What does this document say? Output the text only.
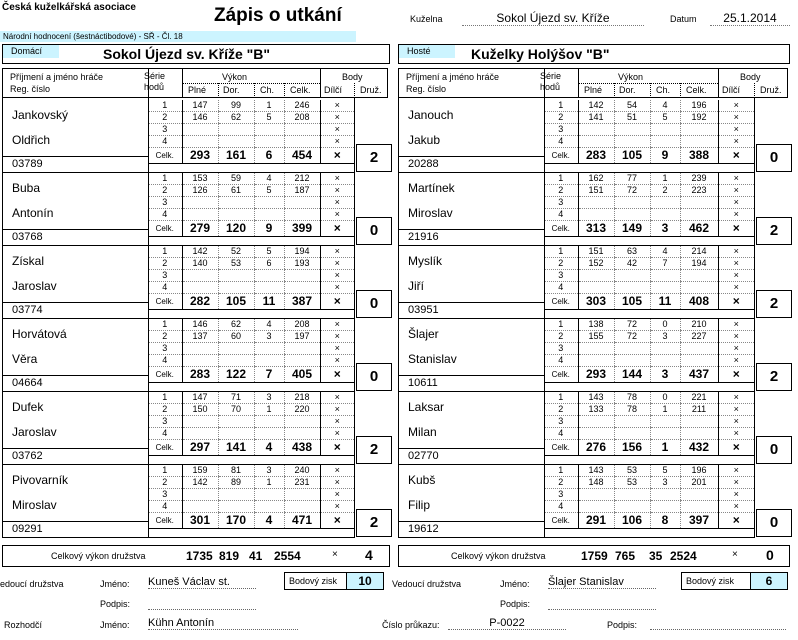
Česká kuželkářská asociace
Národní hodnocení (šestnáctibodové) - SŘ - Čl. 18
Zápis o utkání	Kuželna	Sokol Újezd sv. Kříže	Datum	25.1.2014
Domácí	Sokol Újezd sv. Kříže "B"	Hosté	Kuželky Holýšov "B"
Příjmení a jméno hráče
Reg. číslo
Série
hodů
Výkon
Plné Dor. Ch. Celk.
Body
Dílčí Druž.
Jankovský
Oldřich
03789
1	147	99	1	246	×
2	146	62	5	208	×
3					×
4					×
Celk.	293	161	6	454	×	2
Buba
Antonín
03768
1	153	59	4	212	×
2	126	61	5	187	×
3					×
4					×
Celk.	279	120	9	399	×	0
Získal
Jaroslav
03774
1	142	52	5	194	×
2	140	53	6	193	×
3					×
4					×
Celk.	282	105	11	387	×	0
Horvátová
Věra
04664
1	146	62	4	208	×
2	137	60	3	197	×
3					×
4					×
Celk.	283	122	7	405	×	0
Dufek
Jaroslav
03762
1	147	71	3	218	×
2	150	70	1	220	×
3					×
4					×
Celk.	297	141	4	438	×	2
Pivovarník
Miroslav
09291
1	159	81	3	240	×
2	142	89	1	231	×
3					×
4					×
Celk.	301	170	4	471	×	2
Příjmení a jméno hráče
Reg. číslo
Série
hodů
Výkon
Plné Dor. Ch. Celk.
Body
Dílčí Druž.
Janouch
Jakub
20288
1	142	54	4	196	×
2	141	51	5	192	×
3					×
4					×
Celk.	283	105	9	388	×	0
Martínek
Miroslav
21916
1	162	77	1	239	×
2	151	72	2	223	×
3					×
4					×
Celk.	313	149	3	462	×	2
Myslík
Jiří
03951
1	151	63	4	214	×
2	152	42	7	194	×
3					×
4					×
Celk.	303	105	11	408	×	2
Šlajer
Stanislav
10611
1	138	72	0	210	×
2	155	72	3	227	×
3					×
4					×
Celk.	293	144	3	437	×	2
Laksar
Milan
02770
1	143	78	0	221	×
2	133	78	1	211	×
3					×
4					×
Celk.	276	156	1	432	×	0
Kubš
Filip
19612
1	143	53	5	196	×
2	148	53	3	201	×
3					×
4					×
Celk.	291	106	8	397	×	0
Celkový výkon družstva	1735 819 41 2554	× 4	Celkový výkon družstva	1759 765 35 2524	× 0
edoucí družstva	Jméno: Kuneš Václav st.	Bodový zisk	10	Vedoucí družstva	Jméno: Šlajer Stanislav	Bodový zisk	6
Podpis:	Podpis:
Rozhodčí	Jméno: Kühn Antonín	Číslo průkazu:	P-0022	Podpis:
